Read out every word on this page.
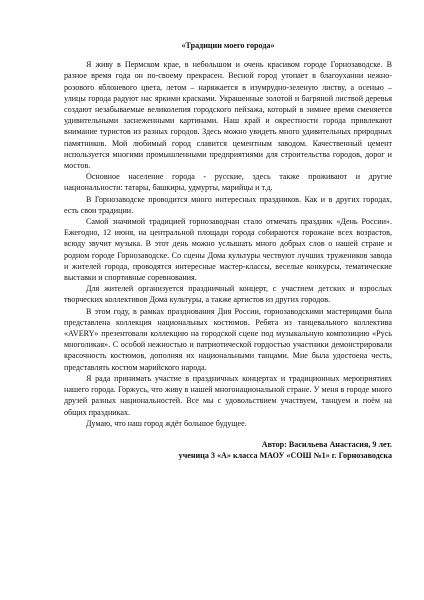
«Традиции моего города»

Я живу в Пермском крае, в небольшом и очень красивом городе Горнозаводске. В разное время года он по-своему прекрасен. Весной город утопает в благоуханни нежно-розового яблоневого цвета, летом – наряжается в изумрудно-зеленую листву, а осенью – улицы города радуют нас яркими красками. Украшенные золотой и багряной листвой деревья создают незабываемые великолепия городского пейзажа, который в зимнее время сменяется удивительными заснеженными картинами. Наш край и окрестности города привлекают внимание туристов из разных городов. Здесь можно увидеть много удивительных природных памятников. Мой любимый город славится цементным заводом. Качественный цемент используется многими промышленными предприятиями для строительства городов, дорог и мостов.

Основное население города - русские, здесь также проживают и другие национальности: татары, башкиры, удмурты, марийцы и т.д.

В Горнозаводске проводится много интересных праздников. Как и в других городах, есть свои традиции.

Самой значимой традицией горнозаводчан стало отмечать праздник «День России». Ежегодно, 12 июня, на центральной площади города собираются горожане всех возрастов, всюду звучит музыка. В этот день можно услышать много добрых слов о нашей стране и родном городе Горнозаводске. Со сцены Дома культуры чествуют лучших тружеников завода и жителей города, проводятся интересные мастер-классы, веселые конкурсы, тематические выставки и спортивные соревнования.

Для жителей организуется праздничный концерт, с участием детских и взрослых творческих коллективов Дома культуры, а также артистов из других городов.

В этом году, в рамках празднования Дня России, горнозаводскими мастерицами была представлена коллекция национальных костюмов. Ребята из танцевального коллектива «AVERY» презентовали коллекцию на городской сцене под музыкальную композицию «Русь многоликая». С особой нежностью и патриотической гордостью участники демонстрировали красочность костюмов, дополняя их национальными танцами. Мне была удостоена честь, представлять костюм марийского народа.

Я рада принимать участие в праздничных концертах и традиционных мероприятиях нашего города. Горжусь, что живу в нашей многонациональной стране. У меня в городе много друзей разных национальностей. Все мы с удовольствием участвуем, танцуем и поём на общих праздниках.

Думаю, что наш город ждёт большое будущее.

Автор: Васильева Анастасия, 9 лет.
ученица 3 «А» класса МАОУ «СОШ №1» г. Горнозаводска
